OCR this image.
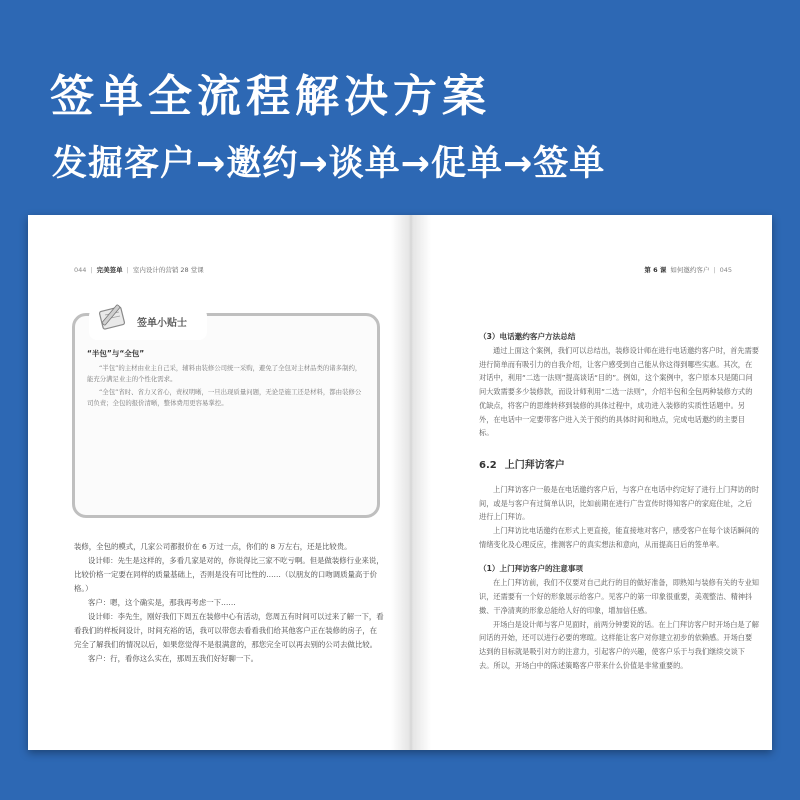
签单全流程解决方案
发掘客户→邀约→谈单→促单→签单
044 | 完美签单 | 室内设计的营销 28 堂课
签单小贴士
“半包”与“全包”

“半包”的主材由业主自己采，辅料由装修公司统一采购，避免了全包对主材品类的诸多制约，能充分满足业主的个性化需求。

“全包”省时、省力又省心，责权明晰，一旦出现质量问题，无论是施工还是材料，都由装修公司负责；全包的报价清晰，整体费用更容易掌控。

装修，全包的模式，几家公司都报价在 6 万过一点，你们的 8 万左右，还是比较贵。

设计师：先生是这样的，多看几家是对的，你说得比三家不吃亏啊。但是做装修行业来说，比较价格一定要在同样的质量基础上，否则是没有可比性的……（以朋友的口吻调质量高于价格。）

客户：嗯，这个确实是，那我再考虑一下……

设计师：李先生，刚好我们下周五在装修中心有活动，您周五有时间可以过来了解一下，看看我们的样板间设计，时间充裕的话，我可以带您去看看我们给其他客户正在装修的房子，在完全了解我们的情况以后，如果您觉得不是很满意的，那您完全可以再去别的公司去做比较。

客户：行，看你这么实在，那周五我们好好聊一下。

第 6 课 如何邀约客户 | 045
（3）电话邀约客户方法总结

通过上面这个案例，我们可以总结出，装修设计师在进行电话邀约客户时，首先需要进行简单而有吸引力的自我介绍，让客户感受到自己能从你这得到哪些实惠。其次，在对话中，利用“二选一法则”提高谈话“目的”。例如，这个案例中，客户原本只是随口问问大致需要多少装修款，而设计师利用“二选一法则”，介绍半包和全包两种装修方式的优缺点，将客户的思维转移到装修的具体过程中，成功进入装修的实质性话题中。另外，在电话中一定要带客户进入关于预约的具体时间和地点，完成电话邀约的主要目标。

6.2 上门拜访客户

上门拜访客户一般是在电话邀约客户后，与客户在电话中约定好了进行上门拜访的时间，或是与客户有过简单认识，比如前期在进行广告宣传时得知客户的家庭住址，之后进行上门拜访。

上门拜访比电话邀约在形式上更直接，能直接地对客户，感受客户在每个谈话瞬间的情绪变化及心理反应，推测客户的真实想法和意向，从而提高日后的签单率。

（1）上门拜访客户的注意事项

在上门拜访前，我们不仅要对自己此行的目的做好准备，即熟知与装修有关的专业知识，还需要有一个好的形象展示给客户。见客户的第一印象很重要，美观整洁、精神抖擞、干净清爽的形象总能给人好的印象，增加信任感。

开场白是设计师与客户见面时，前两分钟要说的话。在上门拜访客户时开场白是了解问话的开始，还可以进行必要的寒暄。这样能让客户对你建立初步的依赖感。开场白要达到的目标就是吸引对方的注意力，引起客户的兴趣，使客户乐于与我们继续交谈下去。所以，开场白中的陈述策略客户带来什么价值是非常重要的。
